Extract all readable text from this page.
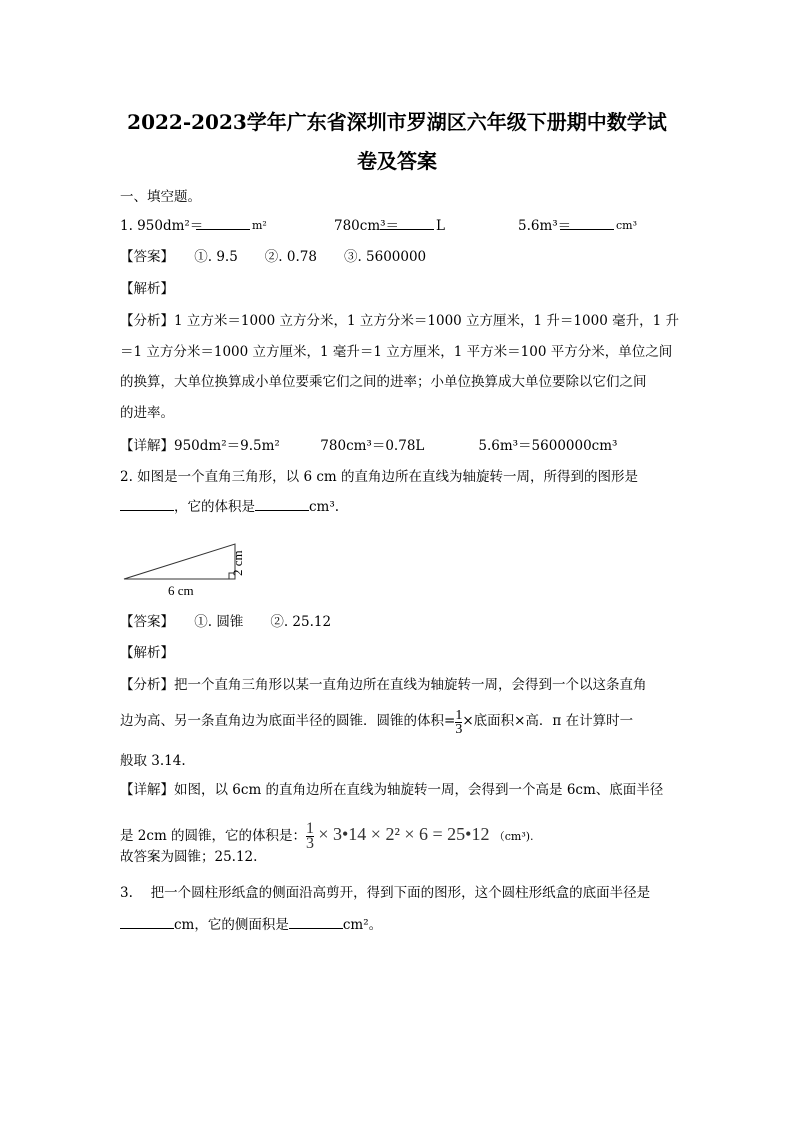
2022-2023学年广东省深圳市罗湖区六年级下册期中数学试
卷及答案
一、填空题。
1. 950dm²＝	m²	780cm³＝	L	5.6m³＝	cm³
【答案】　　①. 9.5　　②. 0.78　　③. 5600000
【解析】
【分析】1 立方米＝1000 立方分米，1 立方分米＝1000 立方厘米，1 升＝1000 毫升，1 升
＝1 立方分米＝1000 立方厘米，1 毫升＝1 立方厘米，1 平方米＝100 平方分米，单位之间
的换算，大单位换算成小单位要乘它们之间的进率；小单位换算成大单位要除以它们之间
的进率。
【详解】950dm²＝9.5m²　　　780cm³＝0.78L　　　　5.6m³＝5600000cm³
2. 如图是一个直角三角形，以 6 cm 的直角边所在直线为轴旋转一周，所得到的图形是
，它的体积是	cm³.
6 cm
2 cm
【答案】　　①. 圆锥　　②. 25.12
【解析】
【分析】把一个直角三角形以某一直角边所在直线为轴旋转一周，会得到一个以这条直角
边为高、另一条直角边为底面半径的圆锥．圆锥的体积= $\frac{1}{3}$ ×底面积×高．π 在计算时一
般取 3.14.
【详解】如图，以 6cm 的直角边所在直线为轴旋转一周，会得到一个高是 6cm、底面半径
是 2cm 的圆锥，它的体积是： $\frac{1}{3}$ × 3•14 × 2² × 6 = 25•12 （cm³).
故答案为圆锥；25.12.
3.　 把一个圆柱形纸盒的侧面沿高剪开，得到下面的图形，这个圆柱形纸盒的底面半径是
cm，它的侧面积是	cm²。
